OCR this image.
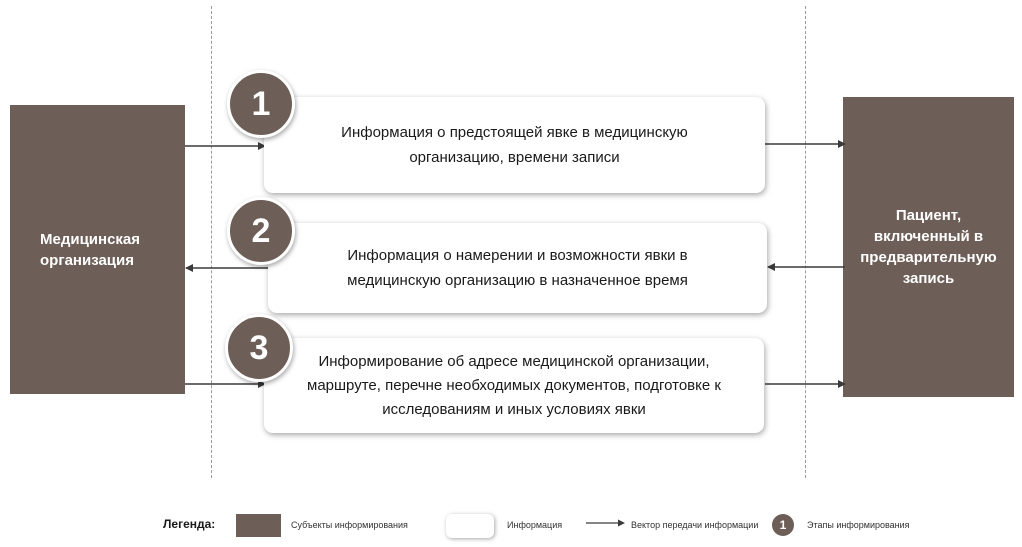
Медицинская
организация
Пациент,
включенный в
предварительную
запись
Информация о предстоящей явке в медицинскую
организацию, времени записи
Информация о намерении и возможности явки в
медицинскую организацию в назначенное время
Информирование об адресе медицинской организации,
маршруте, перечне необходимых документов, подготовке к
исследованиям и иных условиях явки
1
2
3
Легенда:	Субъекты информирования	Информация	Вектор передачи информации 1 Этапы информирования
